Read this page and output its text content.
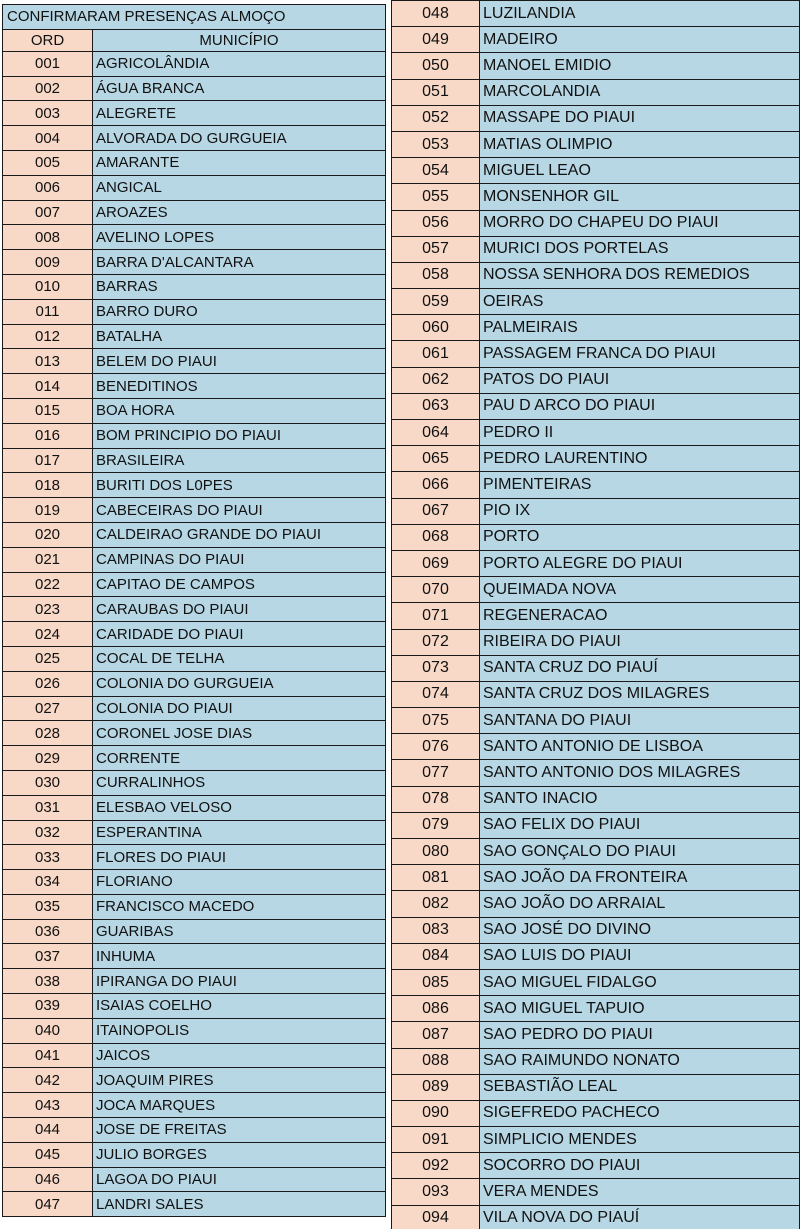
CONFIRMARAM PRESENÇAS ALMOÇO	
ORD	MUNICÍPIO
001	AGRICOLÂNDIA
002	ÁGUA BRANCA
003	ALEGRETE
004	ALVORADA DO GURGUEIA
005	AMARANTE
006	ANGICAL
007	AROAZES
008	AVELINO LOPES
009	BARRA D'ALCANTARA
010	BARRAS
011	BARRO DURO
012	BATALHA
013	BELEM DO PIAUI
014	BENEDITINOS
015	BOA HORA
016	BOM PRINCIPIO DO PIAUI
017	BRASILEIRA
018	BURITI DOS L0PES
019	CABECEIRAS DO PIAUI
020	CALDEIRAO GRANDE DO PIAUI
021	CAMPINAS DO PIAUI
022	CAPITAO DE CAMPOS
023	CARAUBAS DO PIAUI
024	CARIDADE DO PIAUI
025	COCAL DE TELHA
026	COLONIA DO GURGUEIA
027	COLONIA DO PIAUI
028	CORONEL JOSE DIAS
029	CORRENTE
030	CURRALINHOS
031	ELESBAO VELOSO
032	ESPERANTINA
033	FLORES DO PIAUI
034	FLORIANO
035	FRANCISCO MACEDO
036	GUARIBAS
037	INHUMA
038	IPIRANGA DO PIAUI
039	ISAIAS COELHO
040	ITAINOPOLIS
041	JAICOS
042	JOAQUIM PIRES
043	JOCA MARQUES
044	JOSE DE FREITAS
045	JULIO BORGES
046	LAGOA DO PIAUI
047	LANDRI SALES
048	LUZILANDIA
049	MADEIRO
050	MANOEL EMIDIO
051	MARCOLANDIA
052	MASSAPE DO PIAUI
053	MATIAS OLIMPIO
054	MIGUEL LEAO
055	MONSENHOR GIL
056	MORRO DO CHAPEU DO PIAUI
057	MURICI DOS PORTELAS
058	NOSSA SENHORA DOS REMEDIOS
059	OEIRAS
060	PALMEIRAIS
061	PASSAGEM FRANCA DO PIAUI
062	PATOS DO PIAUI
063	PAU D ARCO DO PIAUI
064	PEDRO II
065	PEDRO LAURENTINO
066	PIMENTEIRAS
067	PIO IX
068	PORTO
069	PORTO ALEGRE DO PIAUI
070	QUEIMADA NOVA
071	REGENERACAO
072	RIBEIRA DO PIAUI
073	SANTA CRUZ DO PIAUÍ
074	SANTA CRUZ DOS MILAGRES
075	SANTANA DO PIAUI
076	SANTO ANTONIO DE LISBOA
077	SANTO ANTONIO DOS MILAGRES
078	SANTO INACIO
079	SAO FELIX DO PIAUI
080	SAO GONÇALO DO PIAUI
081	SAO JOÃO DA FRONTEIRA
082	SAO JOÃO DO ARRAIAL
083	SAO JOSÉ DO DIVINO
084	SAO LUIS DO PIAUI
085	SAO MIGUEL FIDALGO
086	SAO MIGUEL TAPUIO
087	SAO PEDRO DO PIAUI
088	SAO RAIMUNDO NONATO
089	SEBASTIÃO LEAL
090	SIGEFREDO PACHECO
091	SIMPLICIO MENDES
092	SOCORRO DO PIAUI
093	VERA MENDES
094	VILA NOVA DO PIAUÍ
